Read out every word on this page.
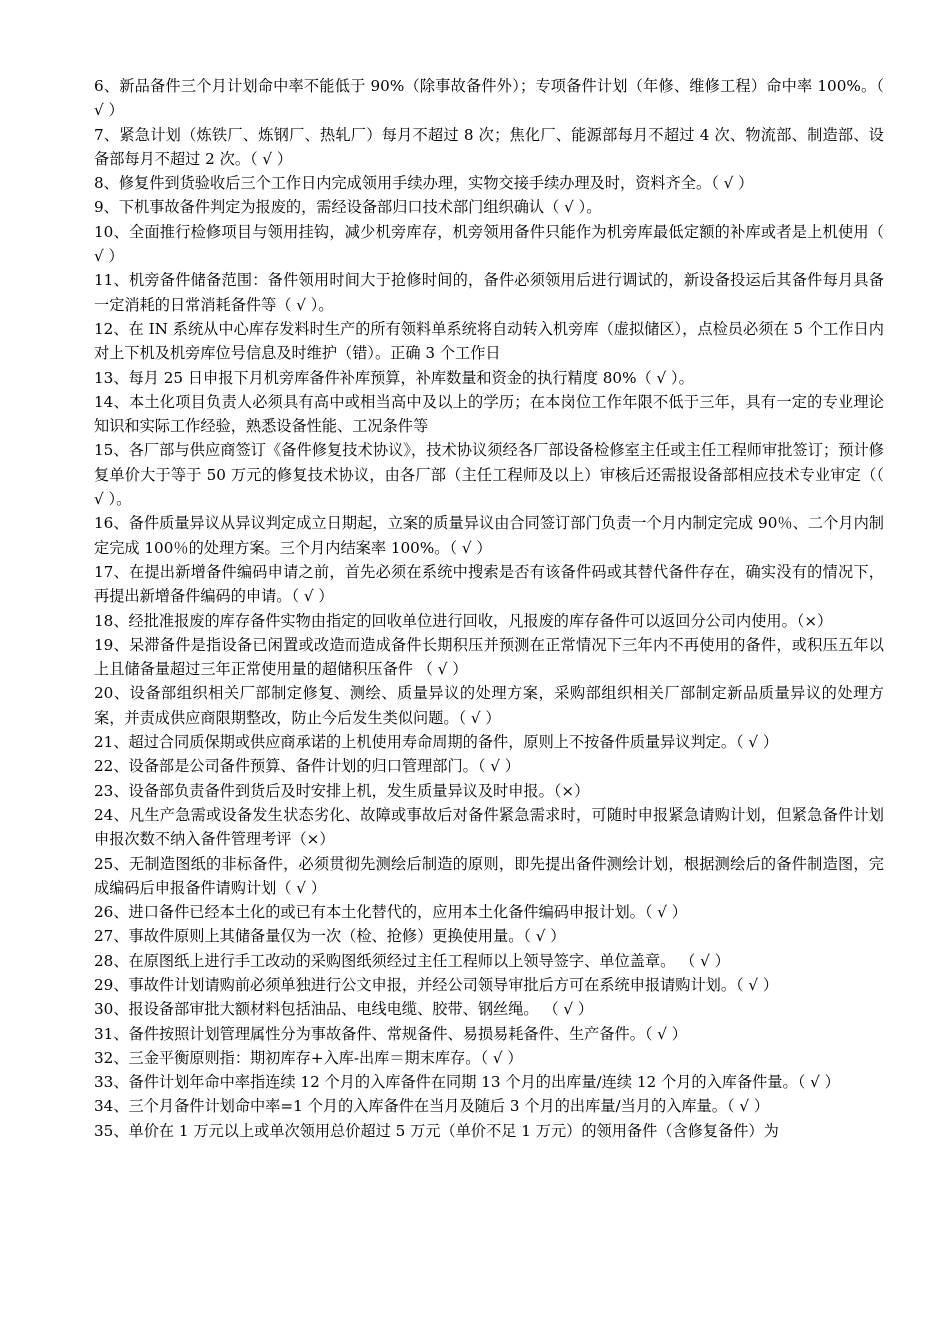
6、新品备件三个月计划命中率不能低于 90%（除事故备件外）；专项备件计划（年修、维修工程）命中率 100%。（ √ ）

7、紧急计划（炼铁厂、炼钢厂、热轧厂）每月不超过 8 次；焦化厂、能源部每月不超过 4 次、物流部、制造部、设备部每月不超过 2 次。（ √ ）

8、修复件到货验收后三个工作日内完成领用手续办理，实物交接手续办理及时，资料齐全。（ √ ）

9、下机事故备件判定为报废的，需经设备部归口技术部门组织确认（ √ ）。

10、全面推行检修项目与领用挂钩，减少机旁库存，机旁领用备件只能作为机旁库最低定额的补库或者是上机使用（ √ ）

11、机旁备件储备范围：备件领用时间大于抢修时间的，备件必须领用后进行调试的，新设备投运后其备件每月具备一定消耗的日常消耗备件等（ √ ）。

12、在 IN 系统从中心库存发料时生产的所有领料单系统将自动转入机旁库（虚拟储区），点检员必须在 5 个工作日内对上下机及机旁库位号信息及时维护（错）。正确 3 个工作日

13、每月 25 日申报下月机旁库备件补库预算，补库数量和资金的执行精度 80%（ √ ）。

14、本土化项目负责人必须具有高中或相当高中及以上的学历；在本岗位工作年限不低于三年，具有一定的专业理论知识和实际工作经验，熟悉设备性能、工况条件等

15、各厂部与供应商签订《备件修复技术协议》，技术协议须经各厂部设备检修室主任或主任工程师审批签订；预计修复单价大于等于 50 万元的修复技术协议，由各厂部（主任工程师及以上）审核后还需报设备部相应技术专业审定（（ √ ）。

16、备件质量异议从异议判定成立日期起，立案的质量异议由合同签订部门负责一个月内制定完成 90％、二个月内制定完成 100％的处理方案。三个月内结案率 100%。（ √ ）

17、在提出新增备件编码申请之前，首先必须在系统中搜索是否有该备件码或其替代备件存在，确实没有的情况下，再提出新增备件编码的申请。（ √ ）

18、经批准报废的库存备件实物由指定的回收单位进行回收，凡报废的库存备件可以返回分公司内使用。（×）

19、呆滞备件是指设备已闲置或改造而造成备件长期积压并预测在正常情况下三年内不再使用的备件，或积压五年以上且储备量超过三年正常使用量的超储积压备件 （ √ ）

20、设备部组织相关厂部制定修复、测绘、质量异议的处理方案，采购部组织相关厂部制定新品质量异议的处理方案，并责成供应商限期整改，防止今后发生类似问题。（ √ ）

21、超过合同质保期或供应商承诺的上机使用寿命周期的备件，原则上不按备件质量异议判定。（ √ ）

22、设备部是公司备件预算、备件计划的归口管理部门。（ √ ）

23、设备部负责备件到货后及时安排上机，发生质量异议及时申报。（×）

24、凡生产急需或设备发生状态劣化、故障或事故后对备件紧急需求时，可随时申报紧急请购计划，但紧急备件计划申报次数不纳入备件管理考评（×）

25、无制造图纸的非标备件，必须贯彻先测绘后制造的原则，即先提出备件测绘计划，根据测绘后的备件制造图，完成编码后申报备件请购计划（ √ ）

26、进口备件已经本土化的或已有本土化替代的，应用本土化备件编码申报计划。（ √ ）

27、事故件原则上其储备量仅为一次（检、抢修）更换使用量。（ √ ）

28、在原图纸上进行手工改动的采购图纸须经过主任工程师以上领导签字、单位盖章。 （ √ ）

29、事故件计划请购前必须单独进行公文申报，并经公司领导审批后方可在系统申报请购计划。（ √ ）

30、报设备部审批大额材料包括油品、电线电缆、胶带、钢丝绳。 （ √ ）

31、备件按照计划管理属性分为事故备件、常规备件、易损易耗备件、生产备件。（ √ ）

32、三金平衡原则指：期初库存+入库-出库＝期末库存。（ √ ）

33、备件计划年命中率指连续 12 个月的入库备件在同期 13 个月的出库量/连续 12 个月的入库备件量。（ √ ）

34、三个月备件计划命中率=1 个月的入库备件在当月及随后 3 个月的出库量/当月的入库量。（ √ ）

35、单价在 1 万元以上或单次领用总价超过 5 万元（单价不足 1 万元）的领用备件（含修复备件）为
